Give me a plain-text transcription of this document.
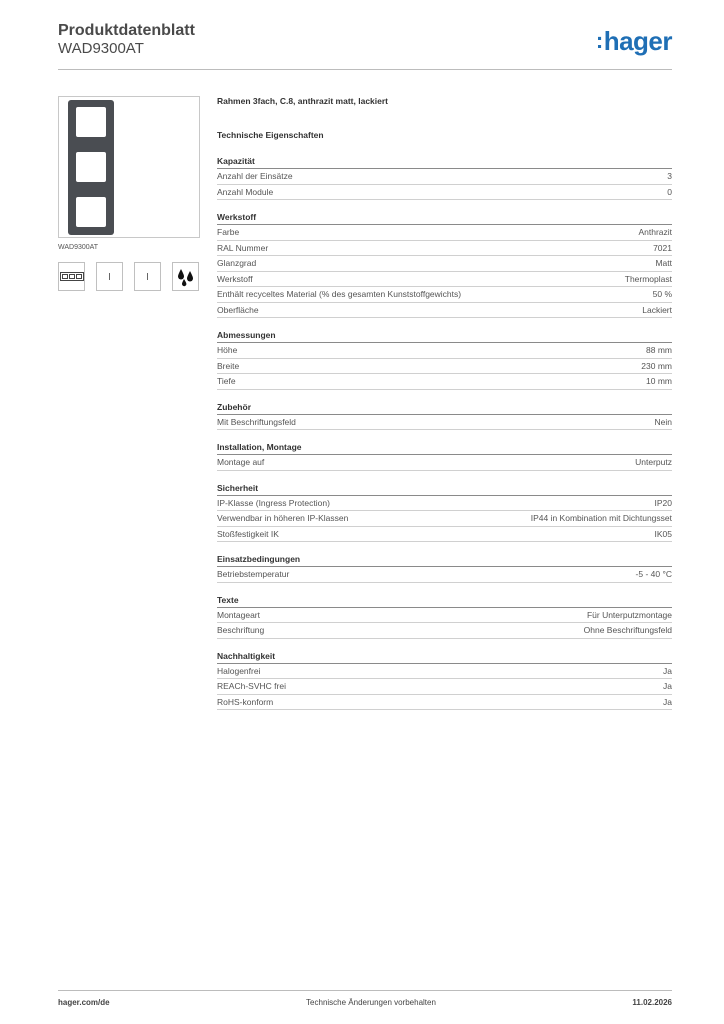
Produktdatenblatt
WAD9300AT	:hager
WAD9300AT
Rahmen 3fach, C.8, anthrazit matt, lackiert
Technische Eigenschaften
Kapazität
Anzahl der Einsätze	3
Anzahl Module	0
Werkstoff
Farbe	Anthrazit
RAL Nummer	7021
Glanzgrad	Matt
Werkstoff	Thermoplast
Enthält recyceltes Material (% des gesamten Kunststoffgewichts)	50 %
Oberfläche	Lackiert
Abmessungen
Höhe	88 mm
Breite	230 mm
Tiefe	10 mm
Zubehör
Mit Beschriftungsfeld	Nein
Installation, Montage
Montage auf	Unterputz
Sicherheit
IP-Klasse (Ingress Protection)	IP20
Verwendbar in höheren IP-Klassen	IP44 in Kombination mit Dichtungsset
Stoßfestigkeit IK	IK05
Einsatzbedingungen
Betriebstemperatur	-5 - 40 °C
Texte
Montageart	Für Unterputzmontage
Beschriftung	Ohne Beschriftungsfeld
Nachhaltigkeit
Halogenfrei	Ja
REACh-SVHC frei	Ja
RoHS-konform	Ja
hager.com/de	Technische Änderungen vorbehalten	11.02.2026
